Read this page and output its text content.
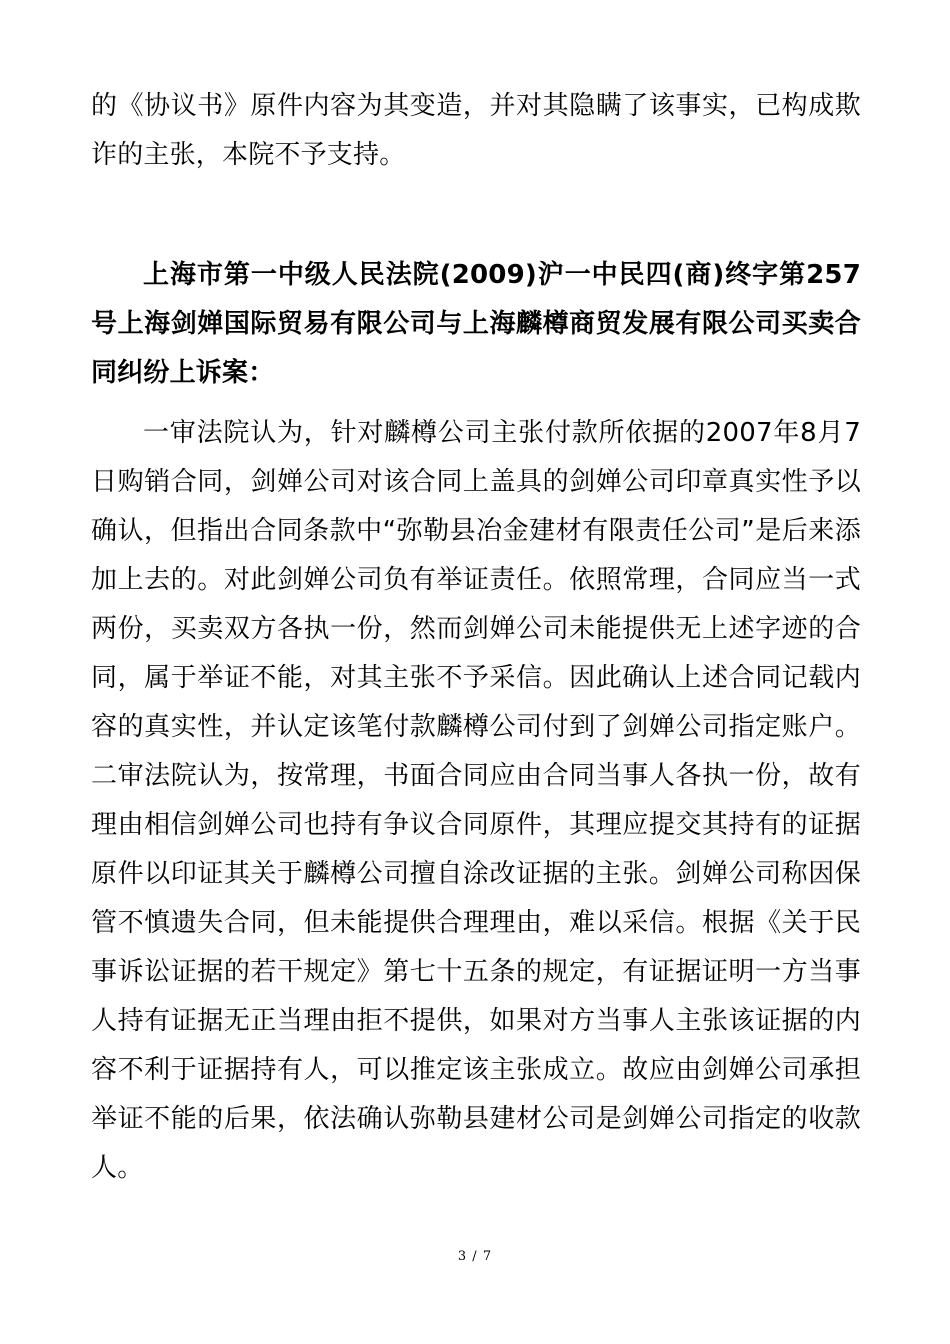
的《协议书》原件内容为其变造，并对其隐瞒了该事实，已构成欺诈的主张，本院不予支持。

上海市第一中级人民法院(2009)沪一中民四(商)终字第257号上海剑婵国际贸易有限公司与上海麟樽商贸发展有限公司买卖合同纠纷上诉案：

一审法院认为，针对麟樽公司主张付款所依据的2007年8月7日购销合同，剑婵公司对该合同上盖具的剑婵公司印章真实性予以确认，但指出合同条款中“弥勒县冶金建材有限责任公司”是后来添加上去的。对此剑婵公司负有举证责任。依照常理，合同应当一式两份，买卖双方各执一份，然而剑婵公司未能提供无上述字迹的合同，属于举证不能，对其主张不予采信。因此确认上述合同记载内容的真实性，并认定该笔付款麟樽公司付到了剑婵公司指定账户。二审法院认为，按常理，书面合同应由合同当事人各执一份，故有理由相信剑婵公司也持有争议合同原件，其理应提交其持有的证据原件以印证其关于麟樽公司擅自涂改证据的主张。剑婵公司称因保管不慎遗失合同，但未能提供合理理由，难以采信。根据《关于民事诉讼证据的若干规定》第七十五条的规定，有证据证明一方当事人持有证据无正当理由拒不提供，如果对方当事人主张该证据的内容不利于证据持有人，可以推定该主张成立。故应由剑婵公司承担举证不能的后果，依法确认弥勒县建材公司是剑婵公司指定的收款人。

3 / 7
